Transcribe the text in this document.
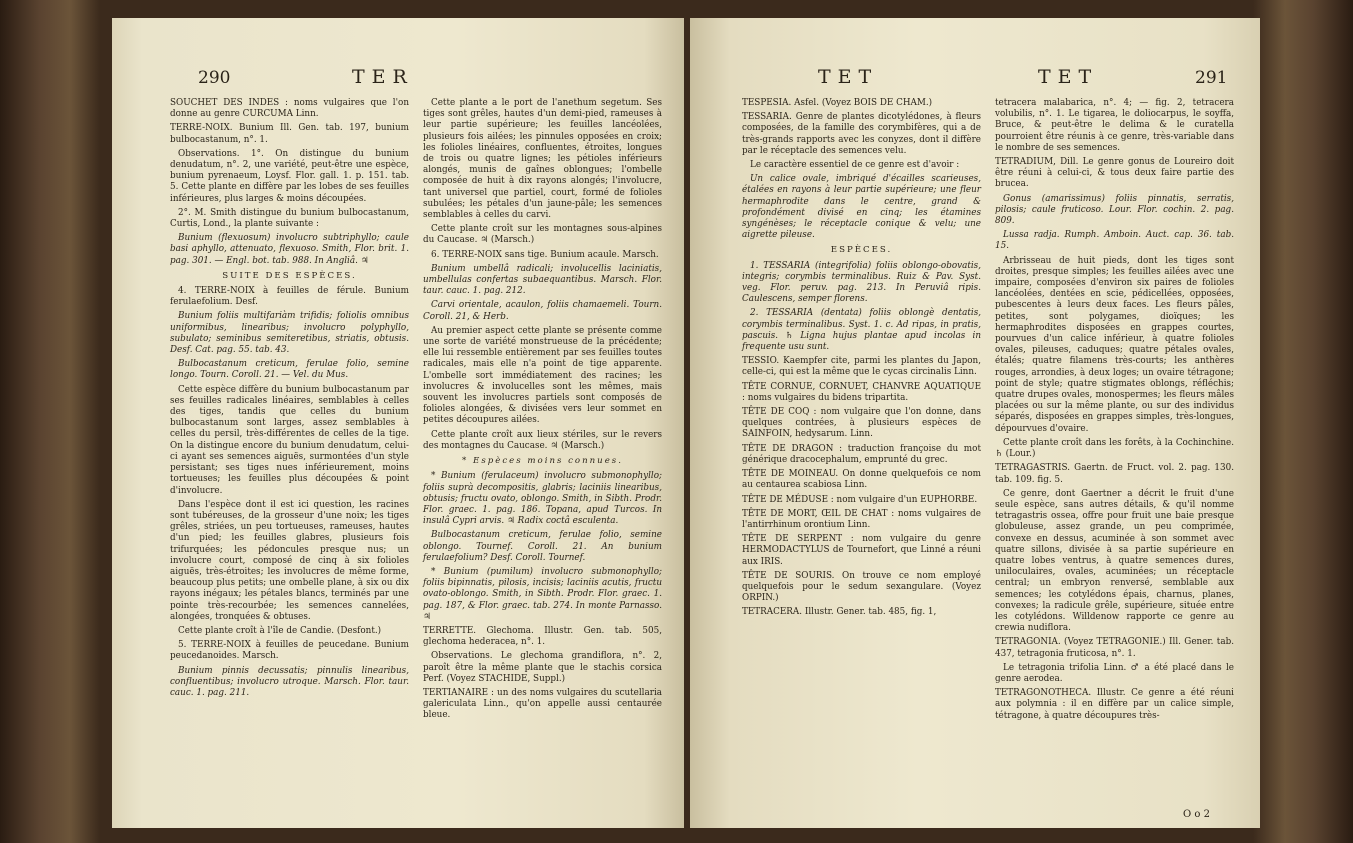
290	TER

SOUCHET DES INDES : noms vulgaires que l'on donne au genre CURCUMA Linn.

TERRE-NOIX. Bunium Ill. Gen. tab. 197, bunium bulbocastanum, n°. 1.

Observations. 1°. On distingue du bunium denudatum, n°. 2, une variété, peut-être une espèce, bunium pyrenaeum, Loysf. Flor. gall. 1. p. 151. tab. 5. Cette plante en diffère par les lobes de ses feuilles inférieures, plus larges & moins découpées.

2°. M. Smith distingue du bunium bulbocastanum, Curtis, Lond., la plante suivante :

Bunium (flexuosum) involucro subtriphyllo; caule basi aphyllo, attenuato, flexuoso. Smith, Flor. brit. 1. pag. 301. — Engl. bot. tab. 988. In Angliâ. ♃

SUITE DES ESPÈCES.

4. TERRE-NOIX à feuilles de férule. Bunium ferulaefolium. Desf.

Bunium foliis multifariàm trifidis; foliolis omnibus uniformibus, linearibus; involucro polyphyllo, subulato; seminibus semiteretibus, striatis, obtusis. Desf. Cat. pag. 55. tab. 43.

Bulbocastanum creticum, ferulae folio, semine longo. Tourn. Coroll. 21. — Vel. du Mus.

Cette espèce diffère du bunium bulbocastanum par ses feuilles radicales linéaires, semblables à celles des tiges, tandis que celles du bunium bulbocastanum sont larges, assez semblables à celles du persil, très-différentes de celles de la tige. On la distingue encore du bunium denudatum, celui-ci ayant ses semences aiguës, surmontées d'un style persistant; ses tiges nues inférieurement, moins tortueuses; les feuilles plus découpées & point d'involucre.

Dans l'espèce dont il est ici question, les racines sont tubéreuses, de la grosseur d'une noix; les tiges grêles, striées, un peu tortueuses, rameuses, hautes d'un pied; les feuilles glabres, plusieurs fois trifurquées; les pédoncules presque nus; un involucre court, composé de cinq à six folioles aiguës, très-étroites; les involucres de même forme, beaucoup plus petits; une ombelle plane, à six ou dix rayons inégaux; les pétales blancs, terminés par une pointe très-recourbée; les semences cannelées, alongées, tronquées & obtuses.

Cette plante croît à l'île de Candie. (Desfont.)

5. TERRE-NOIX à feuilles de peucedane. Bunium peucedanoides. Marsch.

Bunium pinnis decussatis; pinnulis linearibus, confluentibus; involucro utroque. Marsch. Flor. taur. cauc. 1. pag. 211.

Cette plante a le port de l'anethum segetum. Ses tiges sont grêles, hautes d'un demi-pied, rameuses à leur partie supérieure; les feuilles lancéolées, plusieurs fois ailées; les pinnules opposées en croix; les folioles linéaires, confluentes, étroites, longues de trois ou quatre lignes; les pétioles inférieurs alongés, munis de gaînes oblongues; l'ombelle composée de huit à dix rayons alongés; l'involucre, tant universel que partiel, court, formé de folioles subulées; les pétales d'un jaune-pâle; les semences semblables à celles du carvi.

Cette plante croît sur les montagnes sous-alpines du Caucase. ♃ (Marsch.)

6. TERRE-NOIX sans tige. Bunium acaule. Marsch.

Bunium umbellâ radicali; involucellis laciniatis, umbellulas confertas subaequantibus. Marsch. Flor. taur. cauc. 1. pag. 212.

Carvi orientale, acaulon, foliis chamaemeli. Tourn. Coroll. 21, & Herb.

Au premier aspect cette plante se présente comme une sorte de variété monstrueuse de la précédente; elle lui ressemble entièrement par ses feuilles toutes radicales, mais elle n'a point de tige apparente. L'ombelle sort immédiatement des racines; les involucres & involucelles sont les mêmes, mais souvent les involucres partiels sont composés de folioles alongées, & divisées vers leur sommet en petites découpures ailées.

Cette plante croît aux lieux stériles, sur le revers des montagnes du Caucase. ♃ (Marsch.)

* Espèces moins connues.

* Bunium (ferulaceum) involucro submonophyllo; foliis suprà decompositis, glabris; laciniis linearibus, obtusis; fructu ovato, oblongo. Smith, in Sibth. Prodr. Flor. graec. 1. pag. 186. Topana, apud Turcos. In insulâ Cypri arvis. ♃ Radix coctâ esculenta.

Bulbocastanum creticum, ferulae folio, semine oblongo. Tournef. Coroll. 21. An bunium ferulaefolium? Desf. Coroll. Tournef.

* Bunium (pumilum) involucro submonophyllo; foliis bipinnatis, pilosis, incisis; laciniis acutis, fructu ovato-oblongo. Smith, in Sibth. Prodr. Flor. graec. 1. pag. 187, & Flor. graec. tab. 274. In monte Parnasso. ♃

TERRETTE. Glechoma. Illustr. Gen. tab. 505, glechoma hederacea, n°. 1.

Observations. Le glechoma grandiflora, n°. 2, paroît être la même plante que le stachis corsica Perf. (Voyez STACHIDE, Suppl.)

TERTIANAIRE : un des noms vulgaires du scutellaria galericulata Linn., qu'on appelle aussi centaurée bleue.

TET	TET	291

TESPESIA. Asfel. (Voyez BOIS DE CHAM.)

TESSARIA. Genre de plantes dicotylédones, à fleurs composées, de la famille des corymbifères, qui a de très-grands rapports avec les conyzes, dont il diffère par le réceptacle des semences velu.

Le caractère essentiel de ce genre est d'avoir :

Un calice ovale, imbriqué d'écailles scarieuses, étalées en rayons à leur partie supérieure; une fleur hermaphrodite dans le centre, grand & profondément divisé en cinq; les étamines syngénèses; le réceptacle conique & velu; une aigrette pileuse.

ESPÈCES.

1. TESSARIA (integrifolia) foliis oblongo-obovatis, integris; corymbis terminalibus. Ruiz & Pav. Syst. veg. Flor. peruv. pag. 213. In Peruviâ ripis. Caulescens, semper florens.

2. TESSARIA (dentata) foliis oblongè dentatis, corymbis terminalibus. Syst. 1. c. Ad ripas, in pratis, pascuis. ♄ Ligna hujus plantae apud incolas in frequente usu sunt.

TESSIO. Kaempfer cite, parmi les plantes du Japon, celle-ci, qui est la même que le cycas circinalis Linn.

TÊTE CORNUE, CORNUET, CHANVRE AQUATIQUE : noms vulgaires du bidens tripartita.

TÊTE DE COQ : nom vulgaire que l'on donne, dans quelques contrées, à plusieurs espèces de SAINFOIN, hedysarum. Linn.

TÊTE DE DRAGON : traduction françoise du mot générique dracocephalum, emprunté du grec.

TÊTE DE MOINEAU. On donne quelquefois ce nom au centaurea scabiosa Linn.

TÊTE DE MÉDUSE : nom vulgaire d'un EUPHORBE.

TÊTE DE MORT, ŒIL DE CHAT : noms vulgaires de l'antirrhinum orontium Linn.

TÊTE DE SERPENT : nom vulgaire du genre HERMODACTYLUS de Tournefort, que Linné a réuni aux IRIS.

TÊTE DE SOURIS. On trouve ce nom employé quelquefois pour le sedum sexangulare. (Voyez ORPIN.)

TETRACERA. Illustr. Gener. tab. 485, fig. 1,

tetracera malabarica, n°. 4; — fig. 2, tetracera volubilis, n°. 1. Le tigarea, le doliocarpus, le soyffa, Bruce, & peut-être le delima & le curatella pourroient être réunis à ce genre, très-variable dans le nombre de ses semences.

TETRADIUM, Dill. Le genre gonus de Loureiro doit être réuni à celui-ci, & tous deux faire partie des brucea.

Gonus (amarissimus) foliis pinnatis, serratis, pilosis; caule fruticoso. Lour. Flor. cochin. 2. pag. 809.

Lussa radja. Rumph. Amboin. Auct. cap. 36. tab. 15.

Arbrisseau de huit pieds, dont les tiges sont droites, presque simples; les feuilles ailées avec une impaire, composées d'environ six paires de folioles lancéolées, dentées en scie, pédicellées, opposées, pubescentes à leurs deux faces. Les fleurs pâles, petites, sont polygames, dioïques; les hermaphrodites disposées en grappes courtes, pourvues d'un calice inférieur, à quatre folioles ovales, pileuses, caduques; quatre pétales ovales, étalés; quatre filamens très-courts; les anthères rouges, arrondies, à deux loges; un ovaire tétragone; point de style; quatre stigmates oblongs, réfléchis; quatre drupes ovales, monospermes; les fleurs mâles placées ou sur la même plante, ou sur des individus séparés, disposées en grappes simples, très-longues, dépourvues d'ovaire.

Cette plante croît dans les forêts, à la Cochinchine. ♄ (Lour.)

TETRAGASTRIS. Gaertn. de Fruct. vol. 2. pag. 130. tab. 109. fig. 5.

Ce genre, dont Gaertner a décrit le fruit d'une seule espèce, sans autres détails, & qu'il nomme tetragastris ossea, offre pour fruit une baie presque globuleuse, assez grande, un peu comprimée, convexe en dessus, acuminée à son sommet avec quatre sillons, divisée à sa partie supérieure en quatre lobes ventrus, à quatre semences dures, uniloculaires, ovales, acuminées; un réceptacle central; un embryon renversé, semblable aux semences; les cotylédons épais, charnus, planes, convexes; la radicule grêle, supérieure, située entre les cotylédons. Willdenow rapporte ce genre au crewia nudiflora.

TETRAGONIA. (Voyez TETRAGONIE.) Ill. Gener. tab. 437, tetragonia fruticosa, n°. 1.

Le tetragonia trifolia Linn. ♂ a été placé dans le genre aerodea.

TETRAGONOTHECA. Illustr. Ce genre a été réuni aux polymnia : il en diffère par un calice simple, tétragone, à quatre découpures très-

O o 2
